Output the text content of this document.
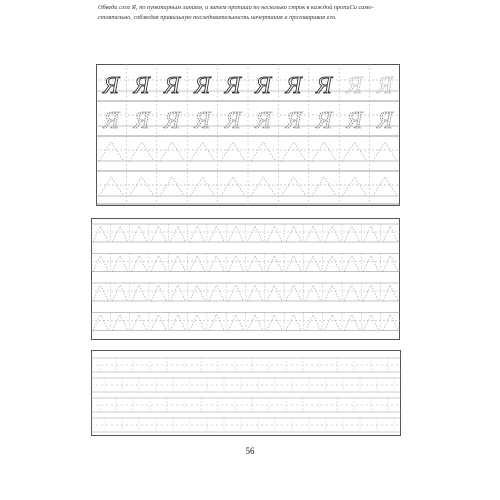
Обведи слог Я, по пунктирным линиям, а затем пропиши по несколько строк в каждой пропиСи само-
стоятельно, соблюдая правильную последовательность начертания и проговаривая его.
Я Я Я Я Я Я Я Я Я Я
Я Я Я Я Я Я Я Я Я Я
56
